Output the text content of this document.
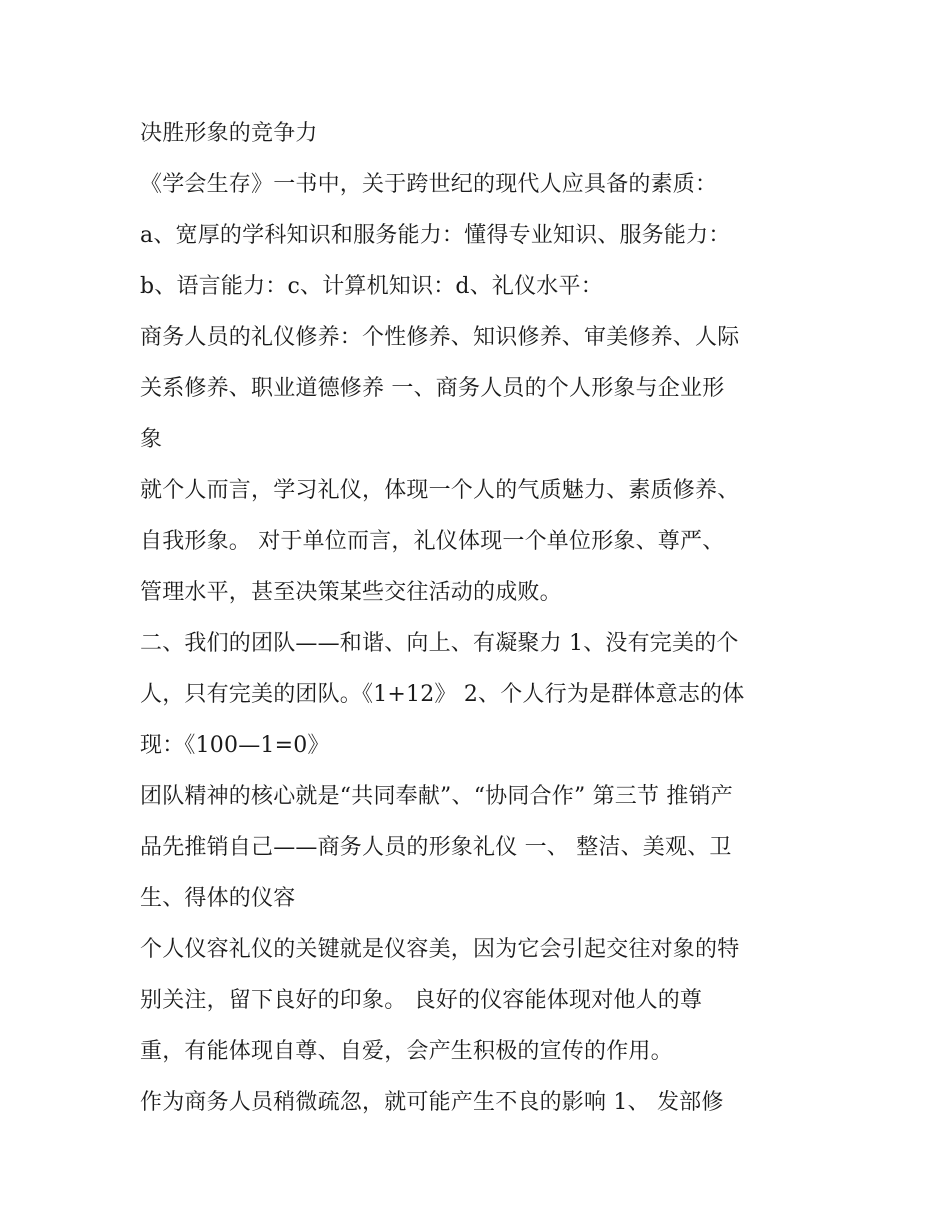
决胜形象的竞争力
《学会生存》一书中，关于跨世纪的现代人应具备的素质：
a、宽厚的学科知识和服务能力：懂得专业知识、服务能力：
b、语言能力：c、计算机知识：d、礼仪水平：
商务人员的礼仪修养：个性修养、知识修养、审美修养、人际
关系修养、职业道德修养 一、商务人员的个人形象与企业形
象
就个人而言，学习礼仪，体现一个人的气质魅力、素质修养、
自我形象。 对于单位而言，礼仪体现一个单位形象、尊严、
管理水平，甚至决策某些交往活动的成败。
二、我们的团队——和谐、向上、有凝聚力 1、没有完美的个
人，只有完美的团队。《1+12》 2、个人行为是群体意志的体
现：《100—1=0》
团队精神的核心就是“共同奉献”、“协同合作” 第三节 推销产
品先推销自己——商务人员的形象礼仪 一、 整洁、美观、卫
生、得体的仪容
个人仪容礼仪的关键就是仪容美，因为它会引起交往对象的特
别关注，留下良好的印象。 良好的仪容能体现对他人的尊
重，有能体现自尊、自爱，会产生积极的宣传的作用。
作为商务人员稍微疏忽，就可能产生不良的影响 1、 发部修
